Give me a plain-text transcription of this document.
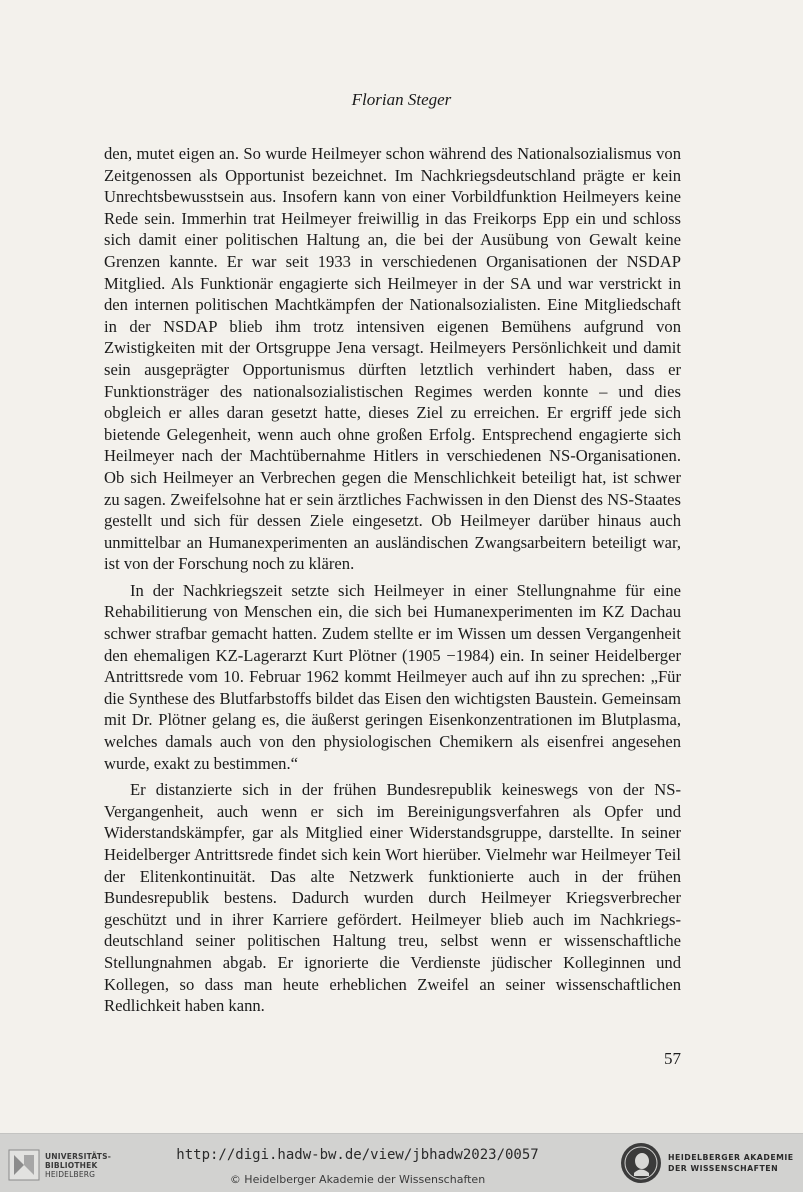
Florian Steger

den, mutet eigen an. So wurde Heilmeyer schon während des Nationalsozialismus von Zeitgenossen als Opportunist bezeichnet. Im Nachkriegsdeutschland prägte er kein Unrechtsbewusstsein aus. Insofern kann von einer Vorbildfunktion Heilmeyers keine Rede sein. Immerhin trat Heilmeyer freiwillig in das Freikorps Epp ein und schloss sich damit einer politischen Haltung an, die bei der Ausübung von Gewalt keine Grenzen kannte. Er war seit 1933 in verschiedenen Organisationen der NSDAP Mitglied. Als Funktionär engagierte sich Heilmeyer in der SA und war verstrickt in den internen politischen Machtkämpfen der Nationalsozialisten. Eine Mitgliedschaft in der NSDAP blieb ihm trotz intensiven eigenen Bemühens aufgrund von Zwistigkeiten mit der Ortsgruppe Jena versagt. Heilmeyers Persönlichkeit und damit sein ausgeprägter Opportunismus dürften letztlich verhindert haben, dass er Funktionsträger des nationalsozialistischen Regimes werden konnte – und dies obgleich er alles daran gesetzt hatte, dieses Ziel zu erreichen. Er ergriff jede sich bietende Gelegenheit, wenn auch ohne großen Erfolg. Entsprechend engagierte sich Heilmeyer nach der Machtübernahme Hitlers in verschiedenen NS-Organisationen. Ob sich Heilmeyer an Verbrechen gegen die Menschlichkeit beteiligt hat, ist schwer zu sagen. Zweifelsohne hat er sein ärztliches Fachwissen in den Dienst des NS-Staates gestellt und sich für dessen Ziele eingesetzt. Ob Heilmeyer darüber hinaus auch unmittelbar an Humanexperimenten an ausländischen Zwangsarbeitern beteiligt war, ist von der Forschung noch zu klären.

In der Nachkriegszeit setzte sich Heilmeyer in einer Stellungnahme für eine Rehabilitierung von Menschen ein, die sich bei Humanexperimenten im KZ Dachau schwer strafbar gemacht hatten. Zudem stellte er im Wissen um dessen Vergangenheit den ehemaligen KZ-Lagerarzt Kurt Plötner (1905 −1984) ein. In seiner Heidelberger Antrittsrede vom 10. Februar 1962 kommt Heilmeyer auch auf ihn zu sprechen: „Für die Synthese des Blutfarbstoffs bildet das Eisen den wichtigsten Baustein. Gemeinsam mit Dr. Plötner gelang es, die äußerst geringen Eisenkonzentrationen im Blutplasma, welches damals auch von den physiologischen Chemikern als eisenfrei angesehen wurde, exakt zu bestimmen.“

Er distanzierte sich in der frühen Bundesrepublik keineswegs von der NS-Vergangenheit, auch wenn er sich im Bereinigungsverfahren als Opfer und Widerstandskämpfer, gar als Mitglied einer Widerstandsgruppe, darstellte. In seiner Heidelberger Antrittsrede findet sich kein Wort hierüber. Vielmehr war Heilmeyer Teil der Elitenkontinuität. Das alte Netzwerk funktionierte auch in der frühen Bundesrepublik bestens. Dadurch wurden durch Heilmeyer Kriegsverbrecher geschützt und in ihrer Karriere gefördert. Heilmeyer blieb auch im Nachkriegsdeutschland seiner politischen Haltung treu, selbst wenn er wissenschaftliche Stellungnahmen abgab. Er ignorierte die Verdienste jüdischer Kolleginnen und Kollegen, so dass man heute erheblichen Zweifel an seiner wissenschaftlichen Redlichkeit haben kann.

57
UNIVERSITÄTS-
BIBLIOTHEK
HEIDELBERG
http://digi.hadw-bw.de/view/jbhadw2023/0057
© Heidelberger Akademie der Wissenschaften
HEIDELBERGER AKADEMIE
DER WISSENSCHAFTEN
